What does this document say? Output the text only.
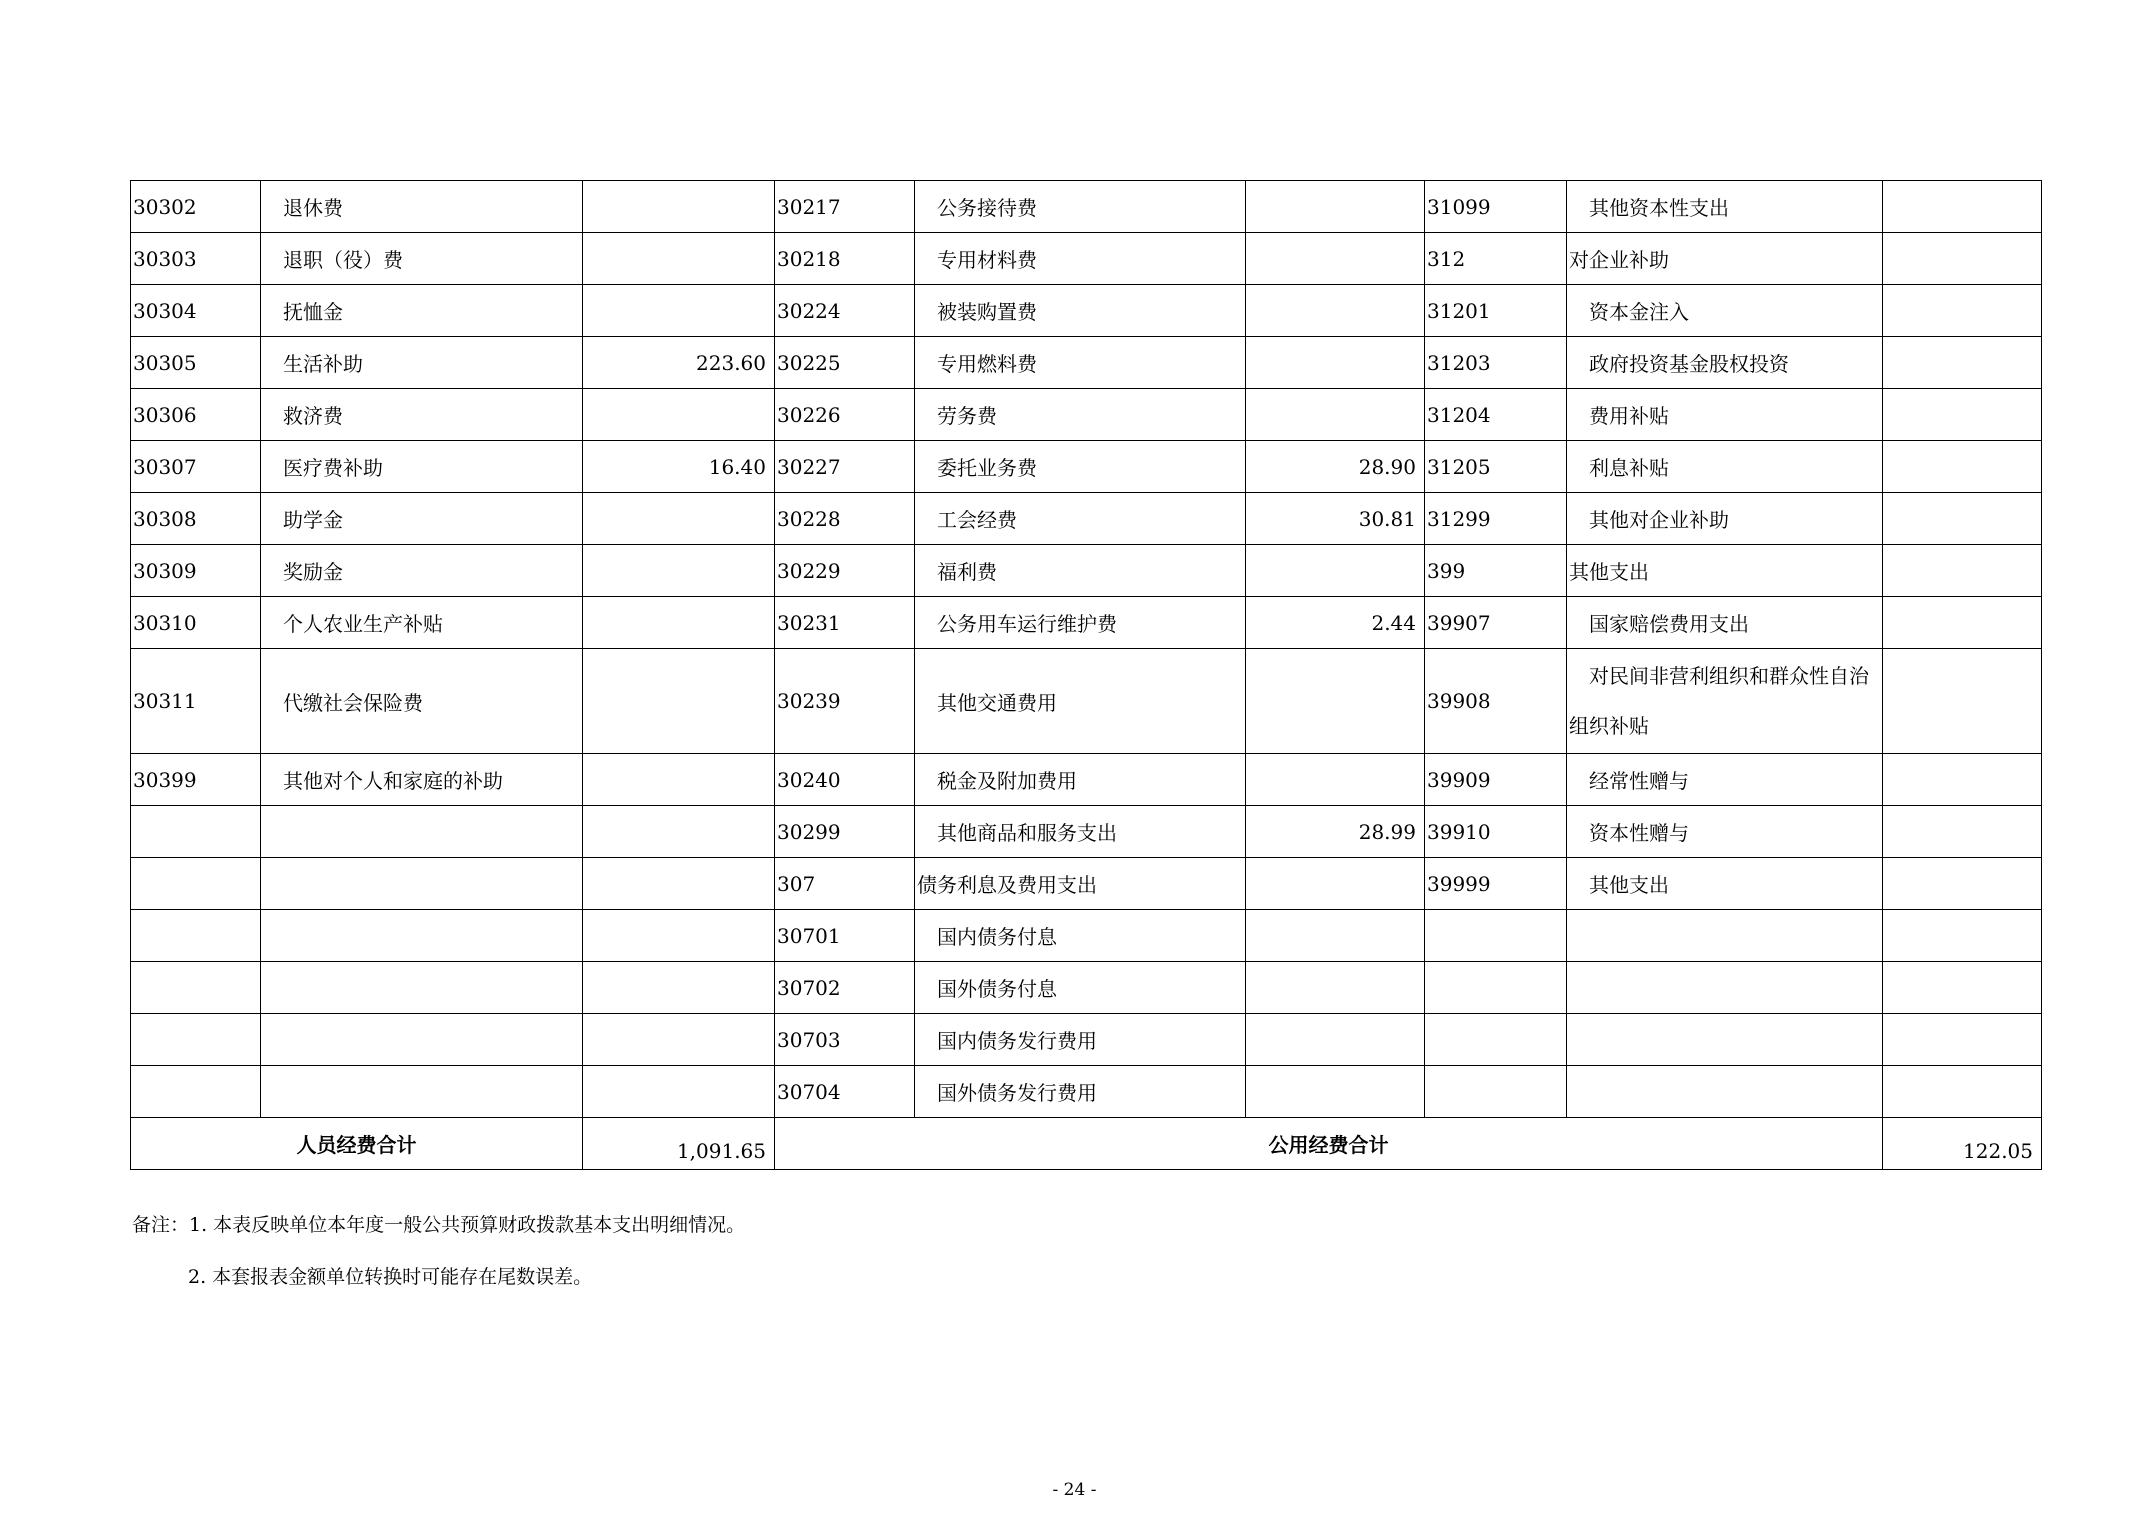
30302	退休费		30217	公务接待费		31099	其他资本性支出	
30303	退职（役）费		30218	专用材料费		312	对企业补助	
30304	抚恤金		30224	被装购置费		31201	资本金注入	
30305	生活补助	223.60	30225	专用燃料费		31203	政府投资基金股权投资	
30306	救济费		30226	劳务费		31204	费用补贴	
30307	医疗费补助	16.40	30227	委托业务费	28.90	31205	利息补贴	
30308	助学金		30228	工会经费	30.81	31299	其他对企业补助	
30309	奖励金		30229	福利费		399	其他支出	
30310	个人农业生产补贴		30231	公务用车运行维护费	2.44	39907	国家赔偿费用支出	
30311	代缴社会保险费		30239	其他交通费用		39908	对民间非营利组织和群众性自治
组织补贴	

30399	其他对个人和家庭的补助		30240	税金及附加费用		39909	经常性赠与	
			30299	其他商品和服务支出	28.99	39910	资本性赠与	
			307	债务利息及费用支出		39999	其他支出	
			30701	国内债务付息				
			30702	国外债务付息				
			30703	国内债务发行费用				
			30704	国外债务发行费用				
人员经费合计		1,091.65	公用经费合计					122.05
备注：1. 本表反映单位本年度一般公共预算财政拨款基本支出明细情况。
2. 本套报表金额单位转换时可能存在尾数误差。
- 24 -
